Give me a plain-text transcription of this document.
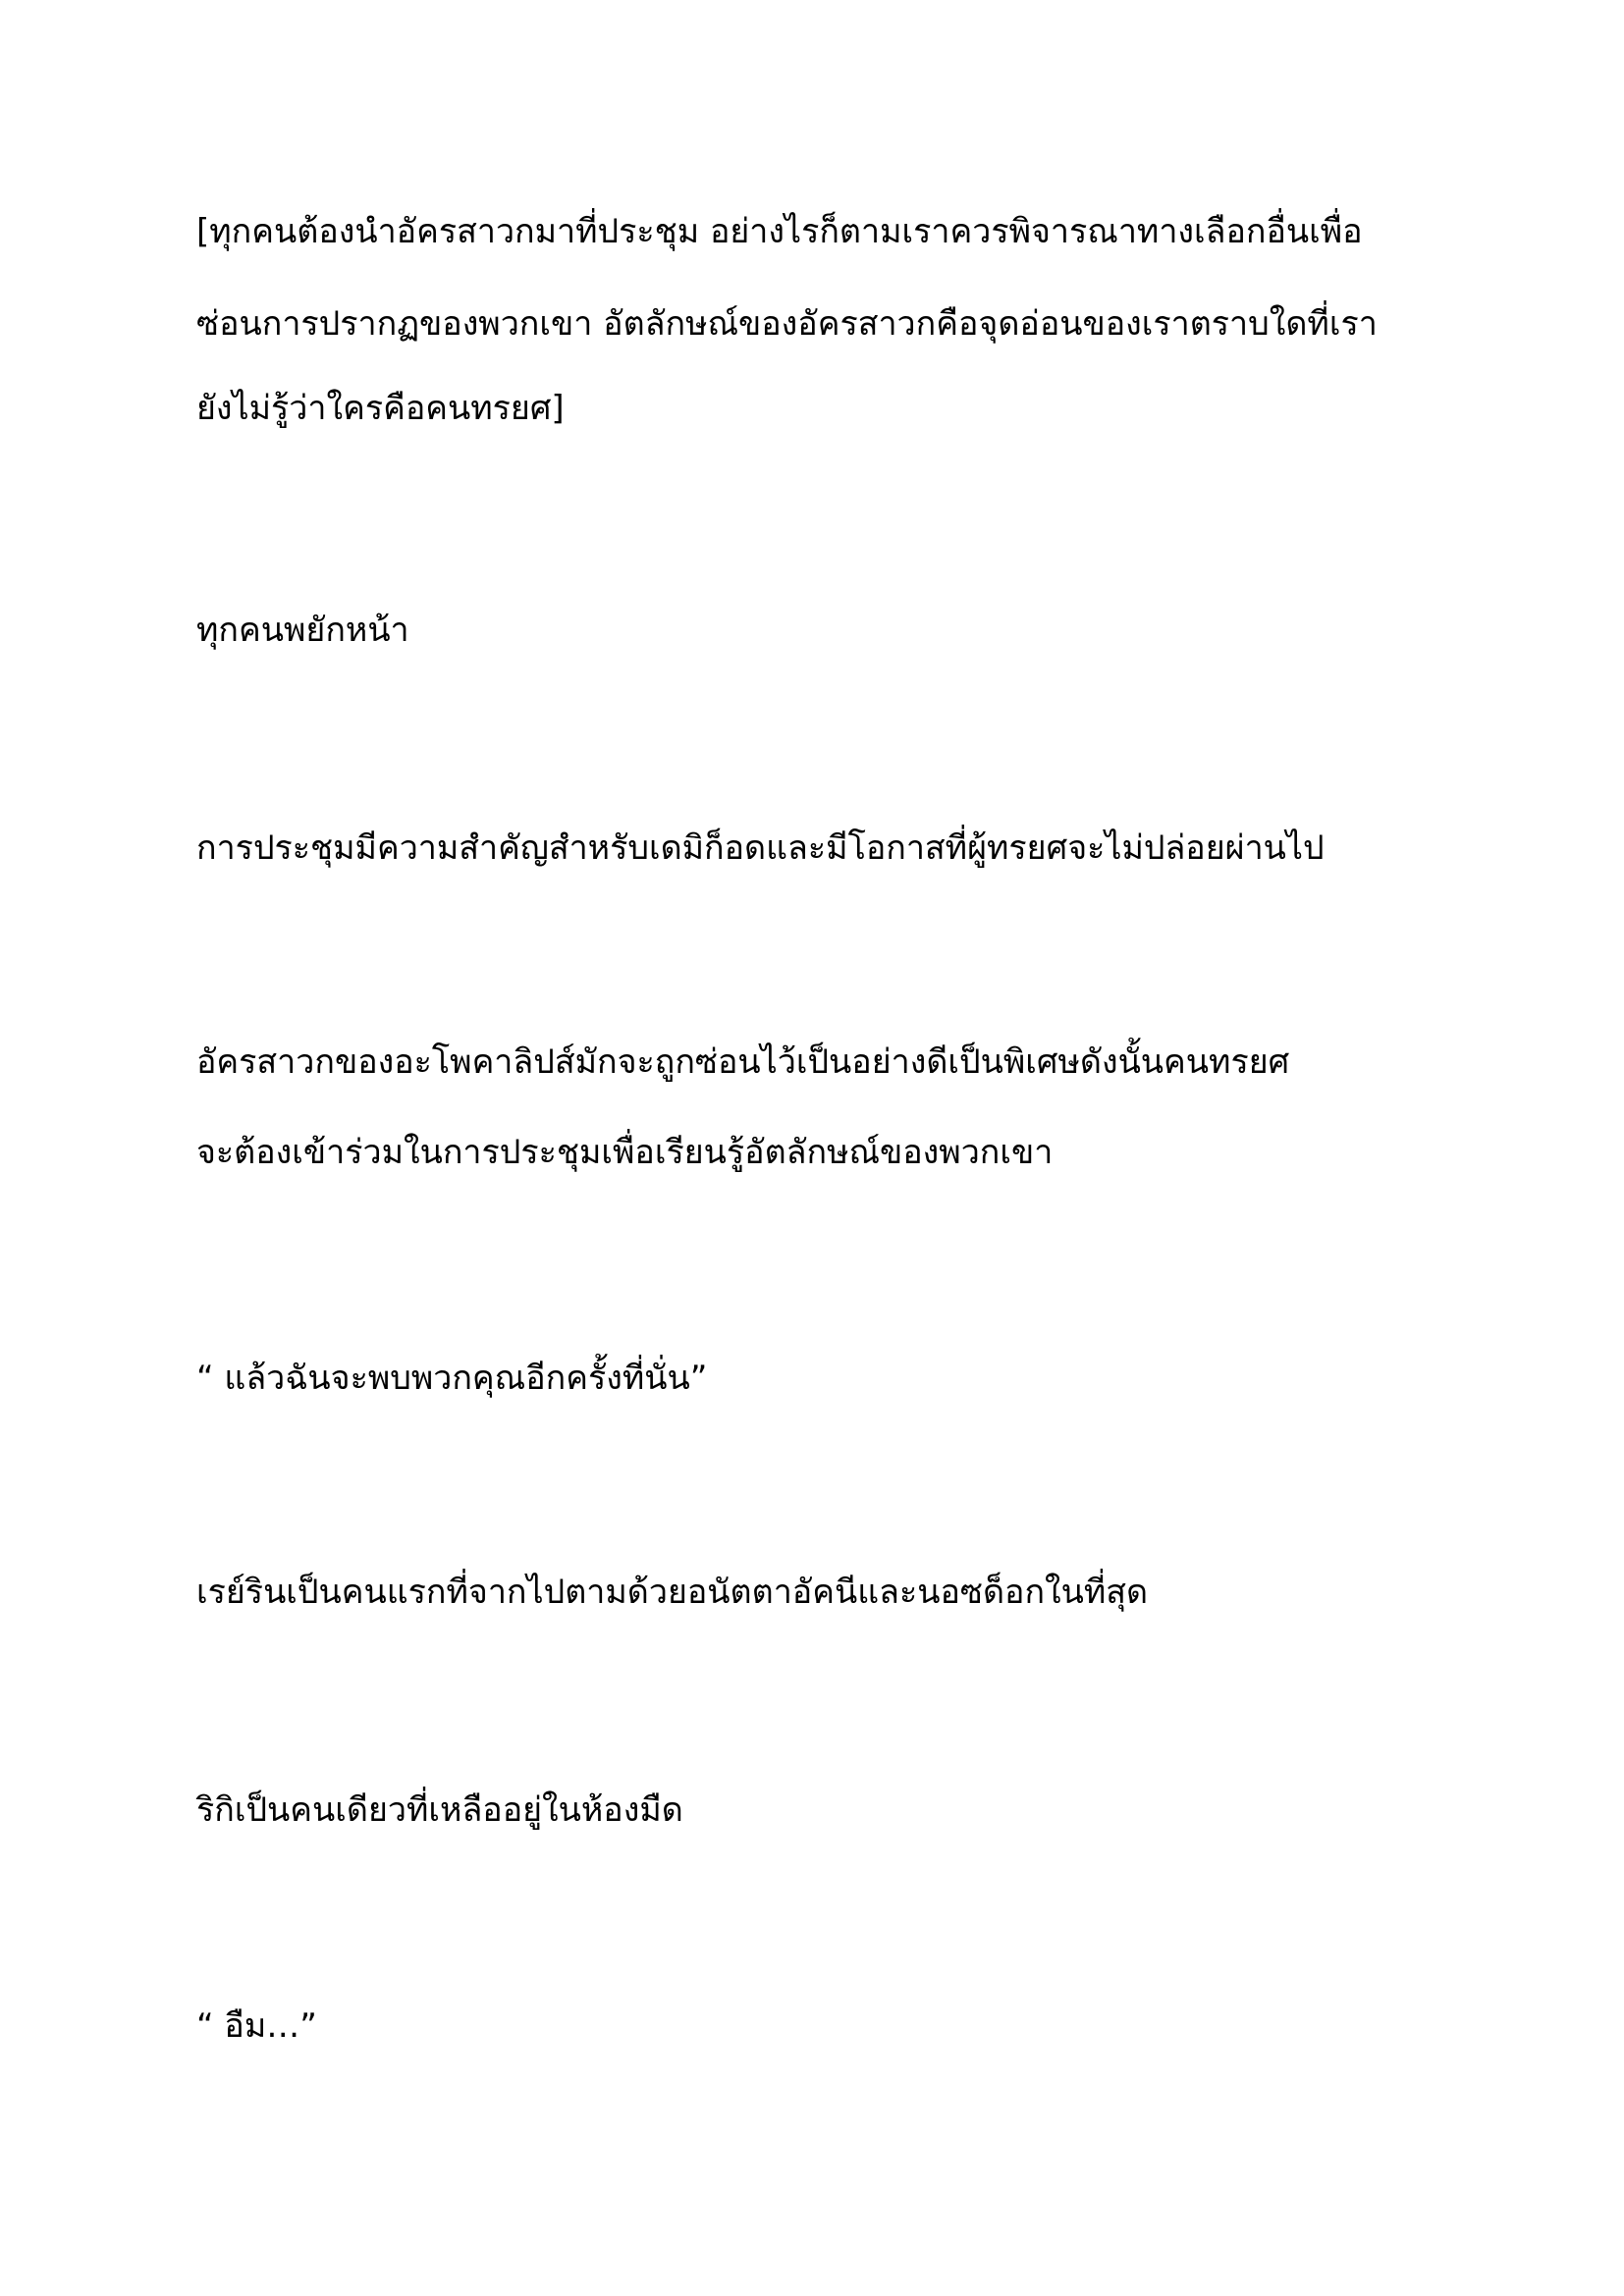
[ทุกคนต้องนำอัครสาวกมาที่ประชุม อย่างไรก็ตามเราควรพิจารณาทางเลือกอื่นเพื่อ

ซ่อนการปรากฏของพวกเขา อัตลักษณ์ของอัครสาวกคือจุดอ่อนของเราตราบใดที่เรา

ยังไม่รู้ว่าใครคือคนทรยศ]

ทุกคนพยักหน้า

การประชุมมีความสำคัญสำหรับเดมิก็อดและมีโอกาสที่ผู้ทรยศจะไม่ปล่อยผ่านไป

อัครสาวกของอะโพคาลิปส์มักจะถูกซ่อนไว้เป็นอย่างดีเป็นพิเศษดังนั้นคนทรยศ

จะต้องเข้าร่วมในการประชุมเพื่อเรียนรู้อัตลักษณ์ของพวกเขา

“ แล้วฉันจะพบพวกคุณอีกครั้งที่นั่น”

เรย์รินเป็นคนแรกที่จากไปตามด้วยอนัตตาอัคนีและนอซด็อกในที่สุด

ริกิเป็นคนเดียวที่เหลืออยู่ในห้องมืด

“ อืม…”
